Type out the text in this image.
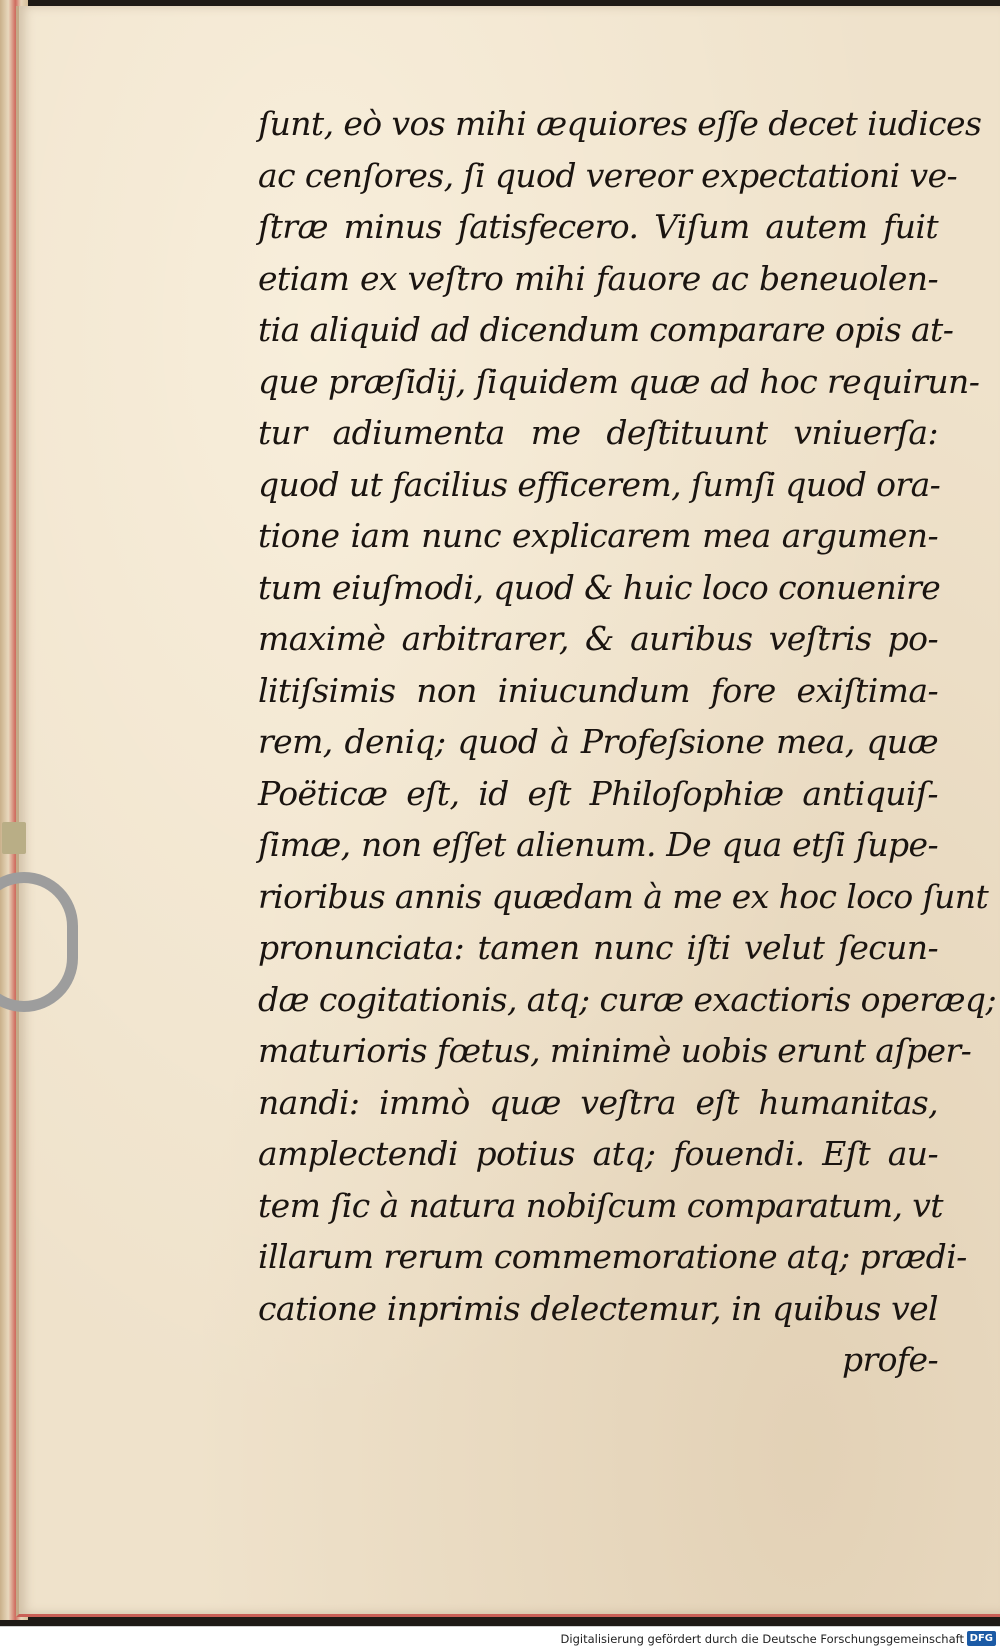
ſunt, eò vos mihi æquiores eſſe decet iudices
ac cenſores, ſi quod vereor expectationi ve-
ſtræ minus ſatisfecero. Viſum autem fuit
etiam ex veſtro mihi fauore ac beneuolen-
tia aliquid ad dicendum comparare opis at-
que præſidij, ſiquidem quæ ad hoc requirun-
tur adiumenta me deſtituunt vniuerſa:
quod ut facilius efficerem, ſumſi quod ora-
tione iam nunc explicarem mea argumen-
tum eiuſmodi, quod & huic loco conuenire
maximè arbitrarer, & auribus veſtris po-
litiſsimis non iniucundum fore exiſtima-
rem, deniq; quod à Profeſsione mea, quæ
Poëticæ eſt, id eſt Philoſophiæ antiquiſ-
ſimæ, non eſſet alienum. De qua etſi ſupe-
rioribus annis quædam à me ex hoc loco ſunt
pronunciata: tamen nunc iſti velut ſecun-
dæ cogitationis, atq; curæ exactioris operæq;
maturioris fœtus, minimè uobis erunt aſper-
nandi: immò quæ veſtra eſt humanitas,
amplectendi potius atq; fouendi. Eſt au-
tem ſic à natura nobiſcum comparatum, vt
illarum rerum commemoratione atq; prædi-
catione inprimis delectemur, in quibus vel
profe-
Digitalisierung gefördert durch die Deutsche Forschungsgemeinschaft DFG
